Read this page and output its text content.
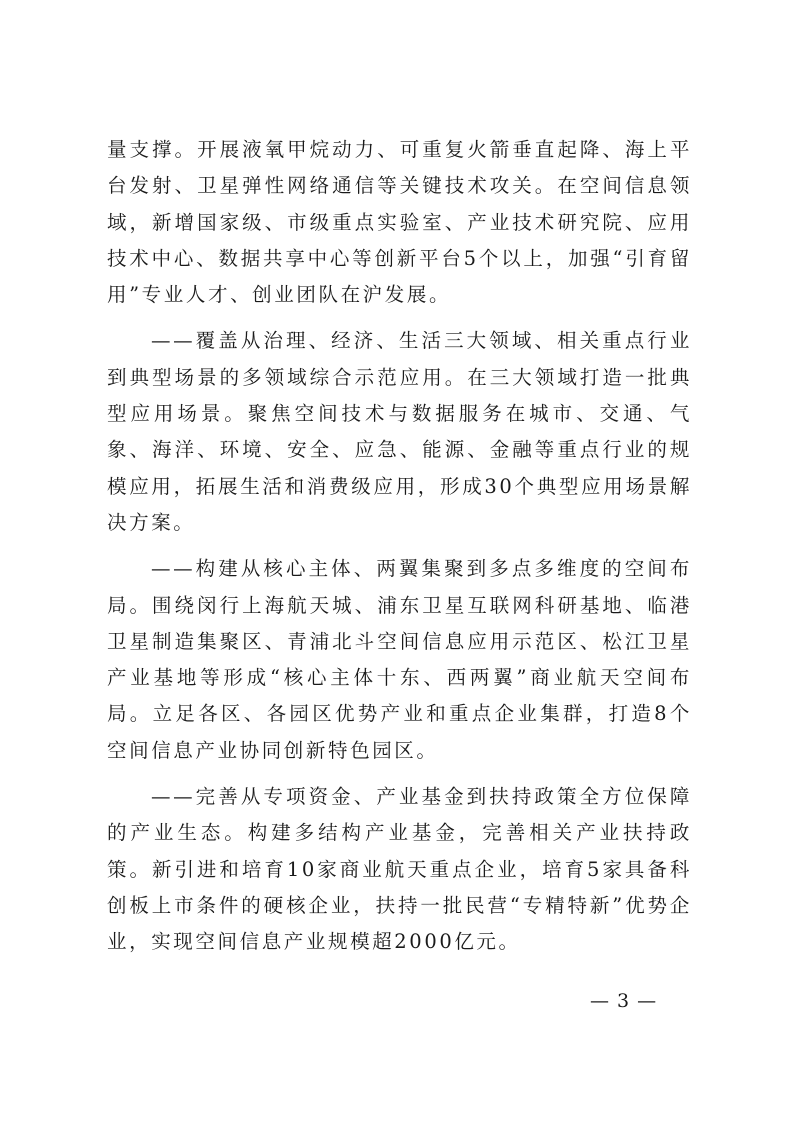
量支撑。开展液氧甲烷动力、可重复火箭垂直起降、海上平台发射、卫星弹性网络通信等关键技术攻关。在空间信息领域，新增国家级、市级重点实验室、产业技术研究院、应用技术中心、数据共享中心等创新平台5个以上，加强“引育留用”专业人才、创业团队在沪发展。

——覆盖从治理、经济、生活三大领域、相关重点行业到典型场景的多领域综合示范应用。在三大领域打造一批典型应用场景。聚焦空间技术与数据服务在城市、交通、气象、海洋、环境、安全、应急、能源、金融等重点行业的规模应用，拓展生活和消费级应用，形成30个典型应用场景解决方案。

——构建从核心主体、两翼集聚到多点多维度的空间布局。围绕闵行上海航天城、浦东卫星互联网科研基地、临港卫星制造集聚区、青浦北斗空间信息应用示范区、松江卫星产业基地等形成“核心主体十东、西两翼”商业航天空间布局。立足各区、各园区优势产业和重点企业集群，打造8个空间信息产业协同创新特色园区。

——完善从专项资金、产业基金到扶持政策全方位保障的产业生态。构建多结构产业基金，完善相关产业扶持政策。新引进和培育10家商业航天重点企业，培育5家具备科创板上市条件的硬核企业，扶持一批民营“专精特新”优势企业，实现空间信息产业规模超2000亿元。

— 3 —
